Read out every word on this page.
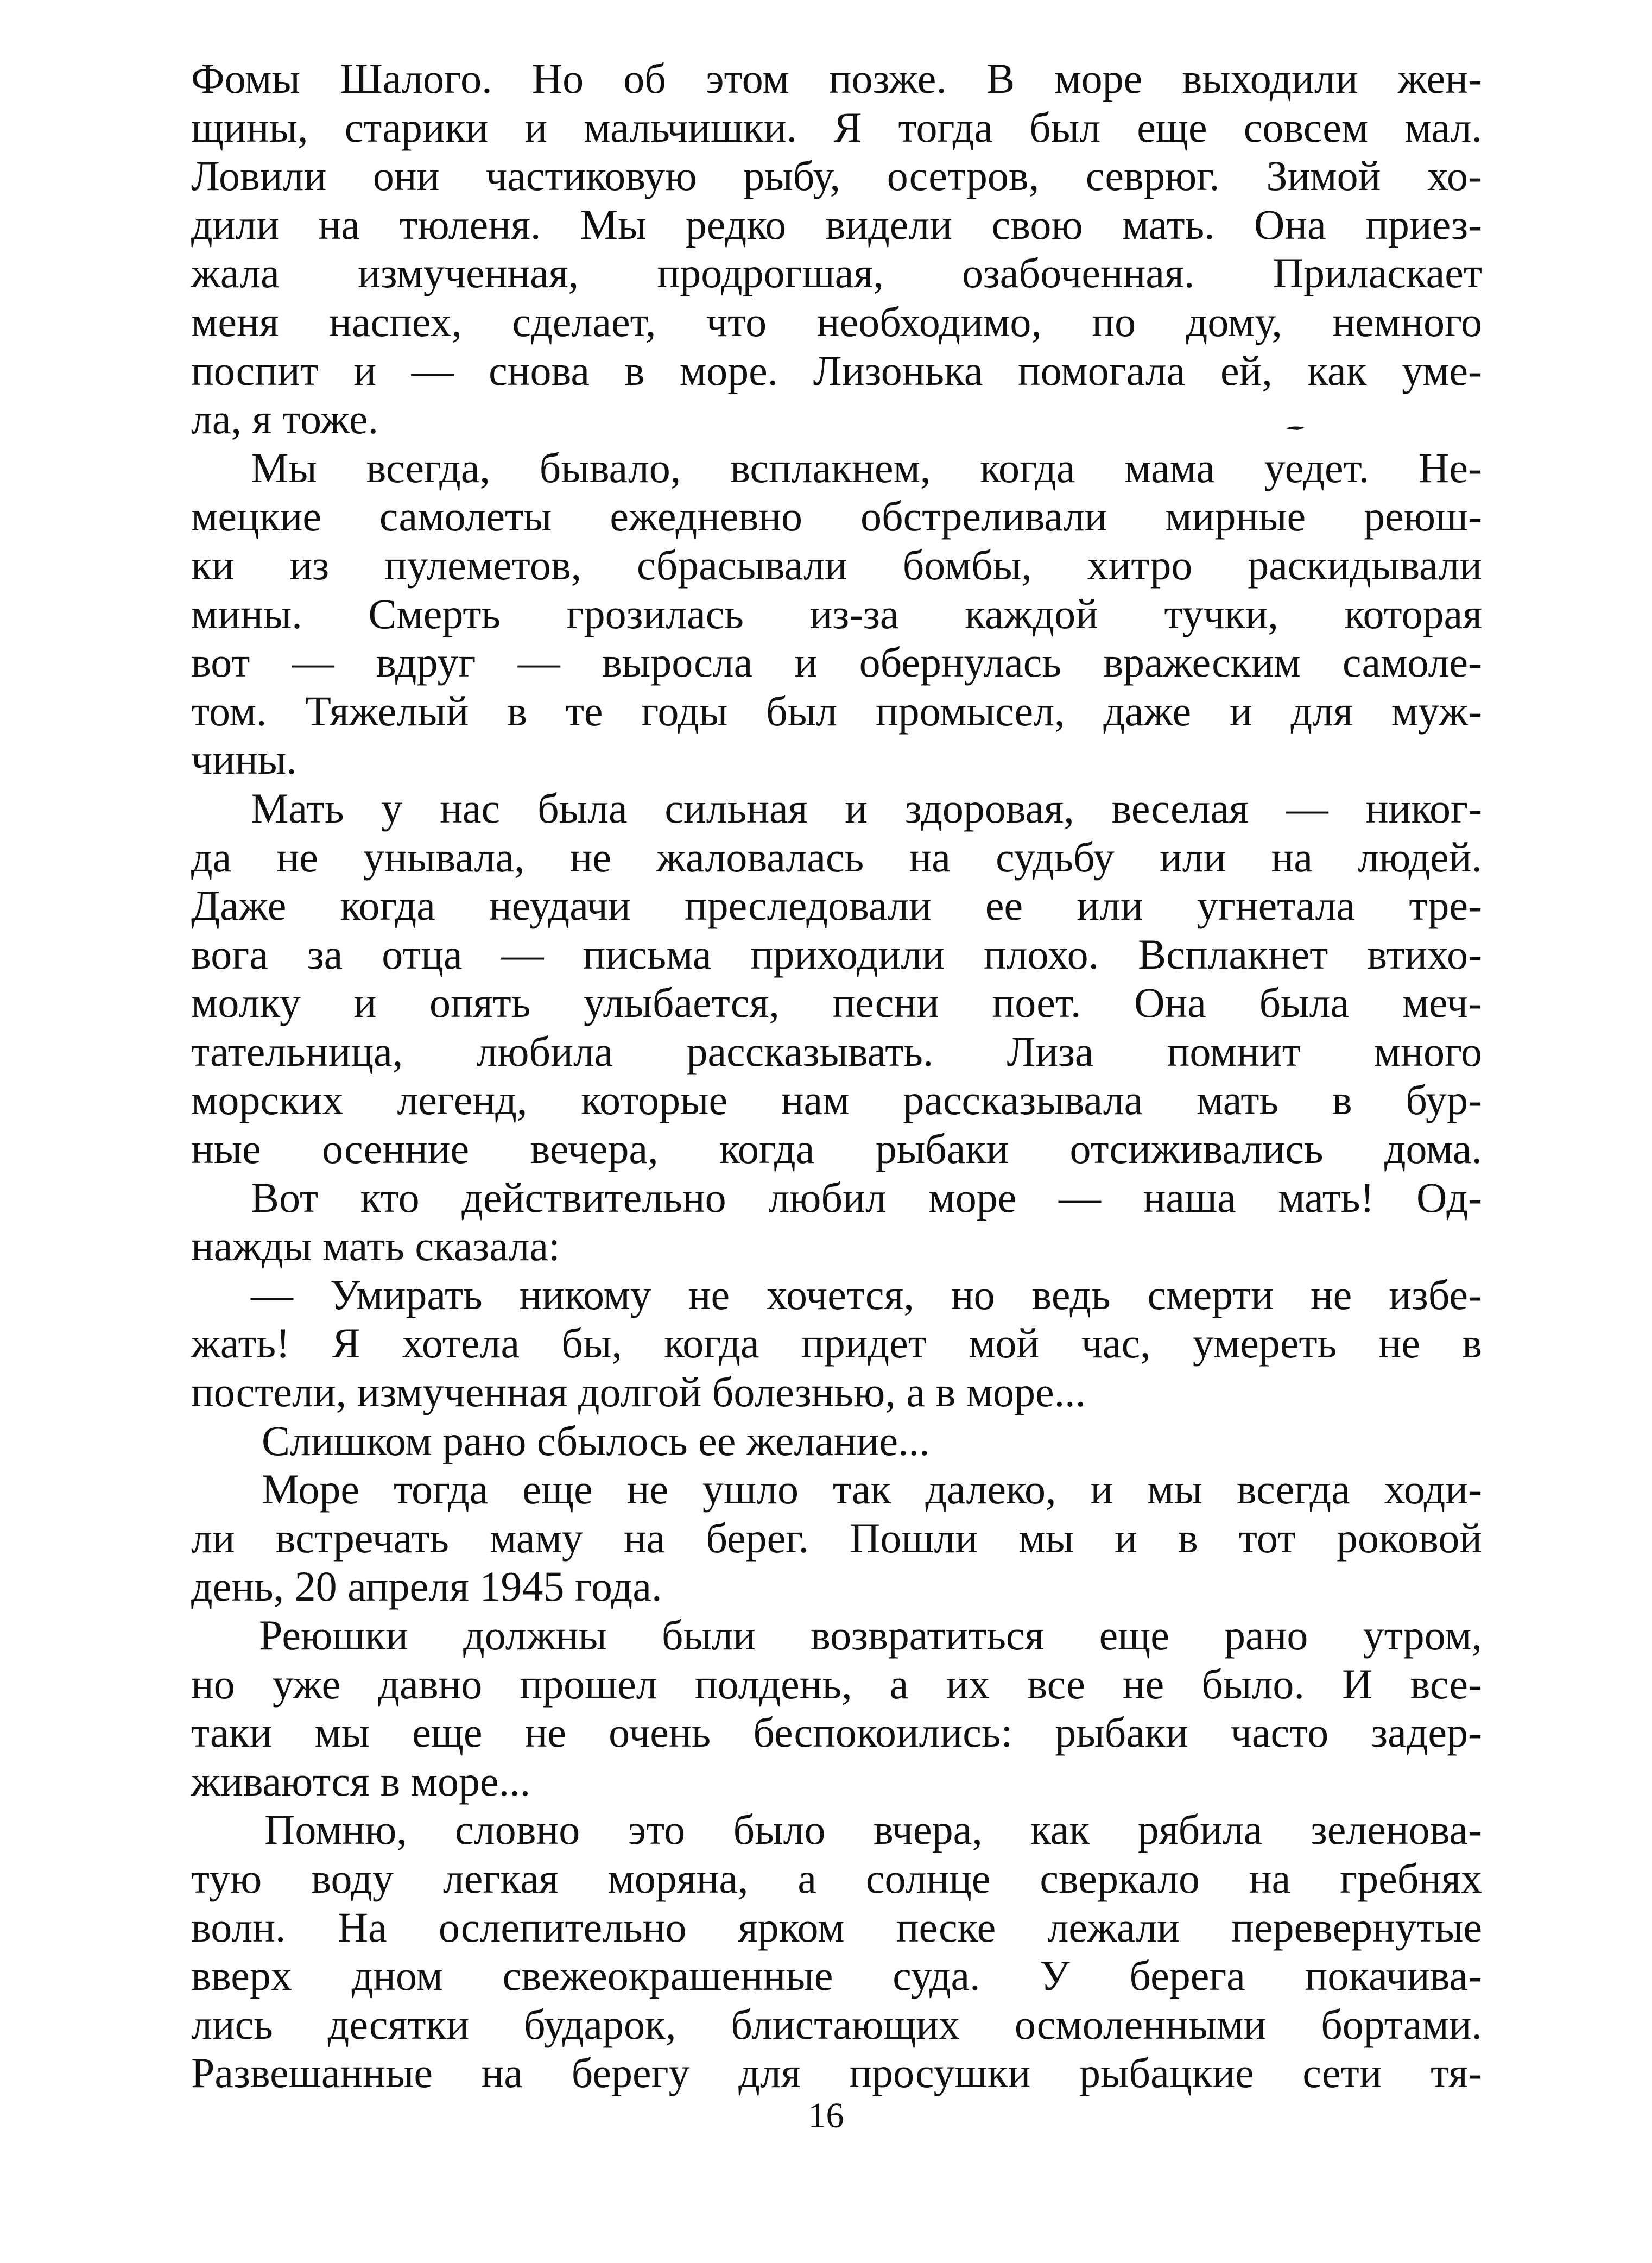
Фомы Шалого. Но об этом позже. В море выходили жен-
щины, старики и мальчишки. Я тогда был еще совсем мал.
Ловили они частиковую рыбу, осетров, севрюг. Зимой хо-
дили на тюленя. Мы редко видели свою мать. Она приез-
жала измученная, продрогшая, озабоченная. Приласкает
меня наспех, сделает, что необходимо, по дому, немного
поспит и — снова в море. Лизонька помогала ей, как уме-
ла, я тоже.
Мы всегда, бывало, всплакнем, когда мама уедет. Не-
мецкие самолеты ежедневно обстреливали мирные реюш-
ки из пулеметов, сбрасывали бомбы, хитро раскидывали
мины. Смерть грозилась из-за каждой тучки, которая
вот — вдруг — выросла и обернулась вражеским самоле-
том. Тяжелый в те годы был промысел, даже и для муж-
чины.
Мать у нас была сильная и здоровая, веселая — никог-
да не унывала, не жаловалась на судьбу или на людей.
Даже когда неудачи преследовали ее или угнетала тре-
вога за отца — письма приходили плохо. Всплакнет втихо-
молку и опять улыбается, песни поет. Она была меч-
тательница, любила рассказывать. Лиза помнит много
морских легенд, которые нам рассказывала мать в бур-
ные осенние вечера, когда рыбаки отсиживались дома.
Вот кто действительно любил море — наша мать! Од-
нажды мать сказала:
— Умирать никому не хочется, но ведь смерти не избе-
жать! Я хотела бы, когда придет мой час, умереть не в
постели, измученная долгой болезнью, а в море...
Слишком рано сбылось ее желание...
Море тогда еще не ушло так далеко, и мы всегда ходи-
ли встречать маму на берег. Пошли мы и в тот роковой
день, 20 апреля 1945 года.
Реюшки должны были возвратиться еще рано утром,
но уже давно прошел полдень, а их все не было. И все-
таки мы еще не очень беспокоились: рыбаки часто задер-
живаются в море...
Помню, словно это было вчера, как рябила зеленова-
тую воду легкая моряна, а солнце сверкало на гребнях
волн. На ослепительно ярком песке лежали перевернутые
вверх дном свежеокрашенные суда. У берега покачива-
лись десятки бударок, блистающих осмоленными бортами.
Развешанные на берегу для просушки рыбацкие сети тя-
16
